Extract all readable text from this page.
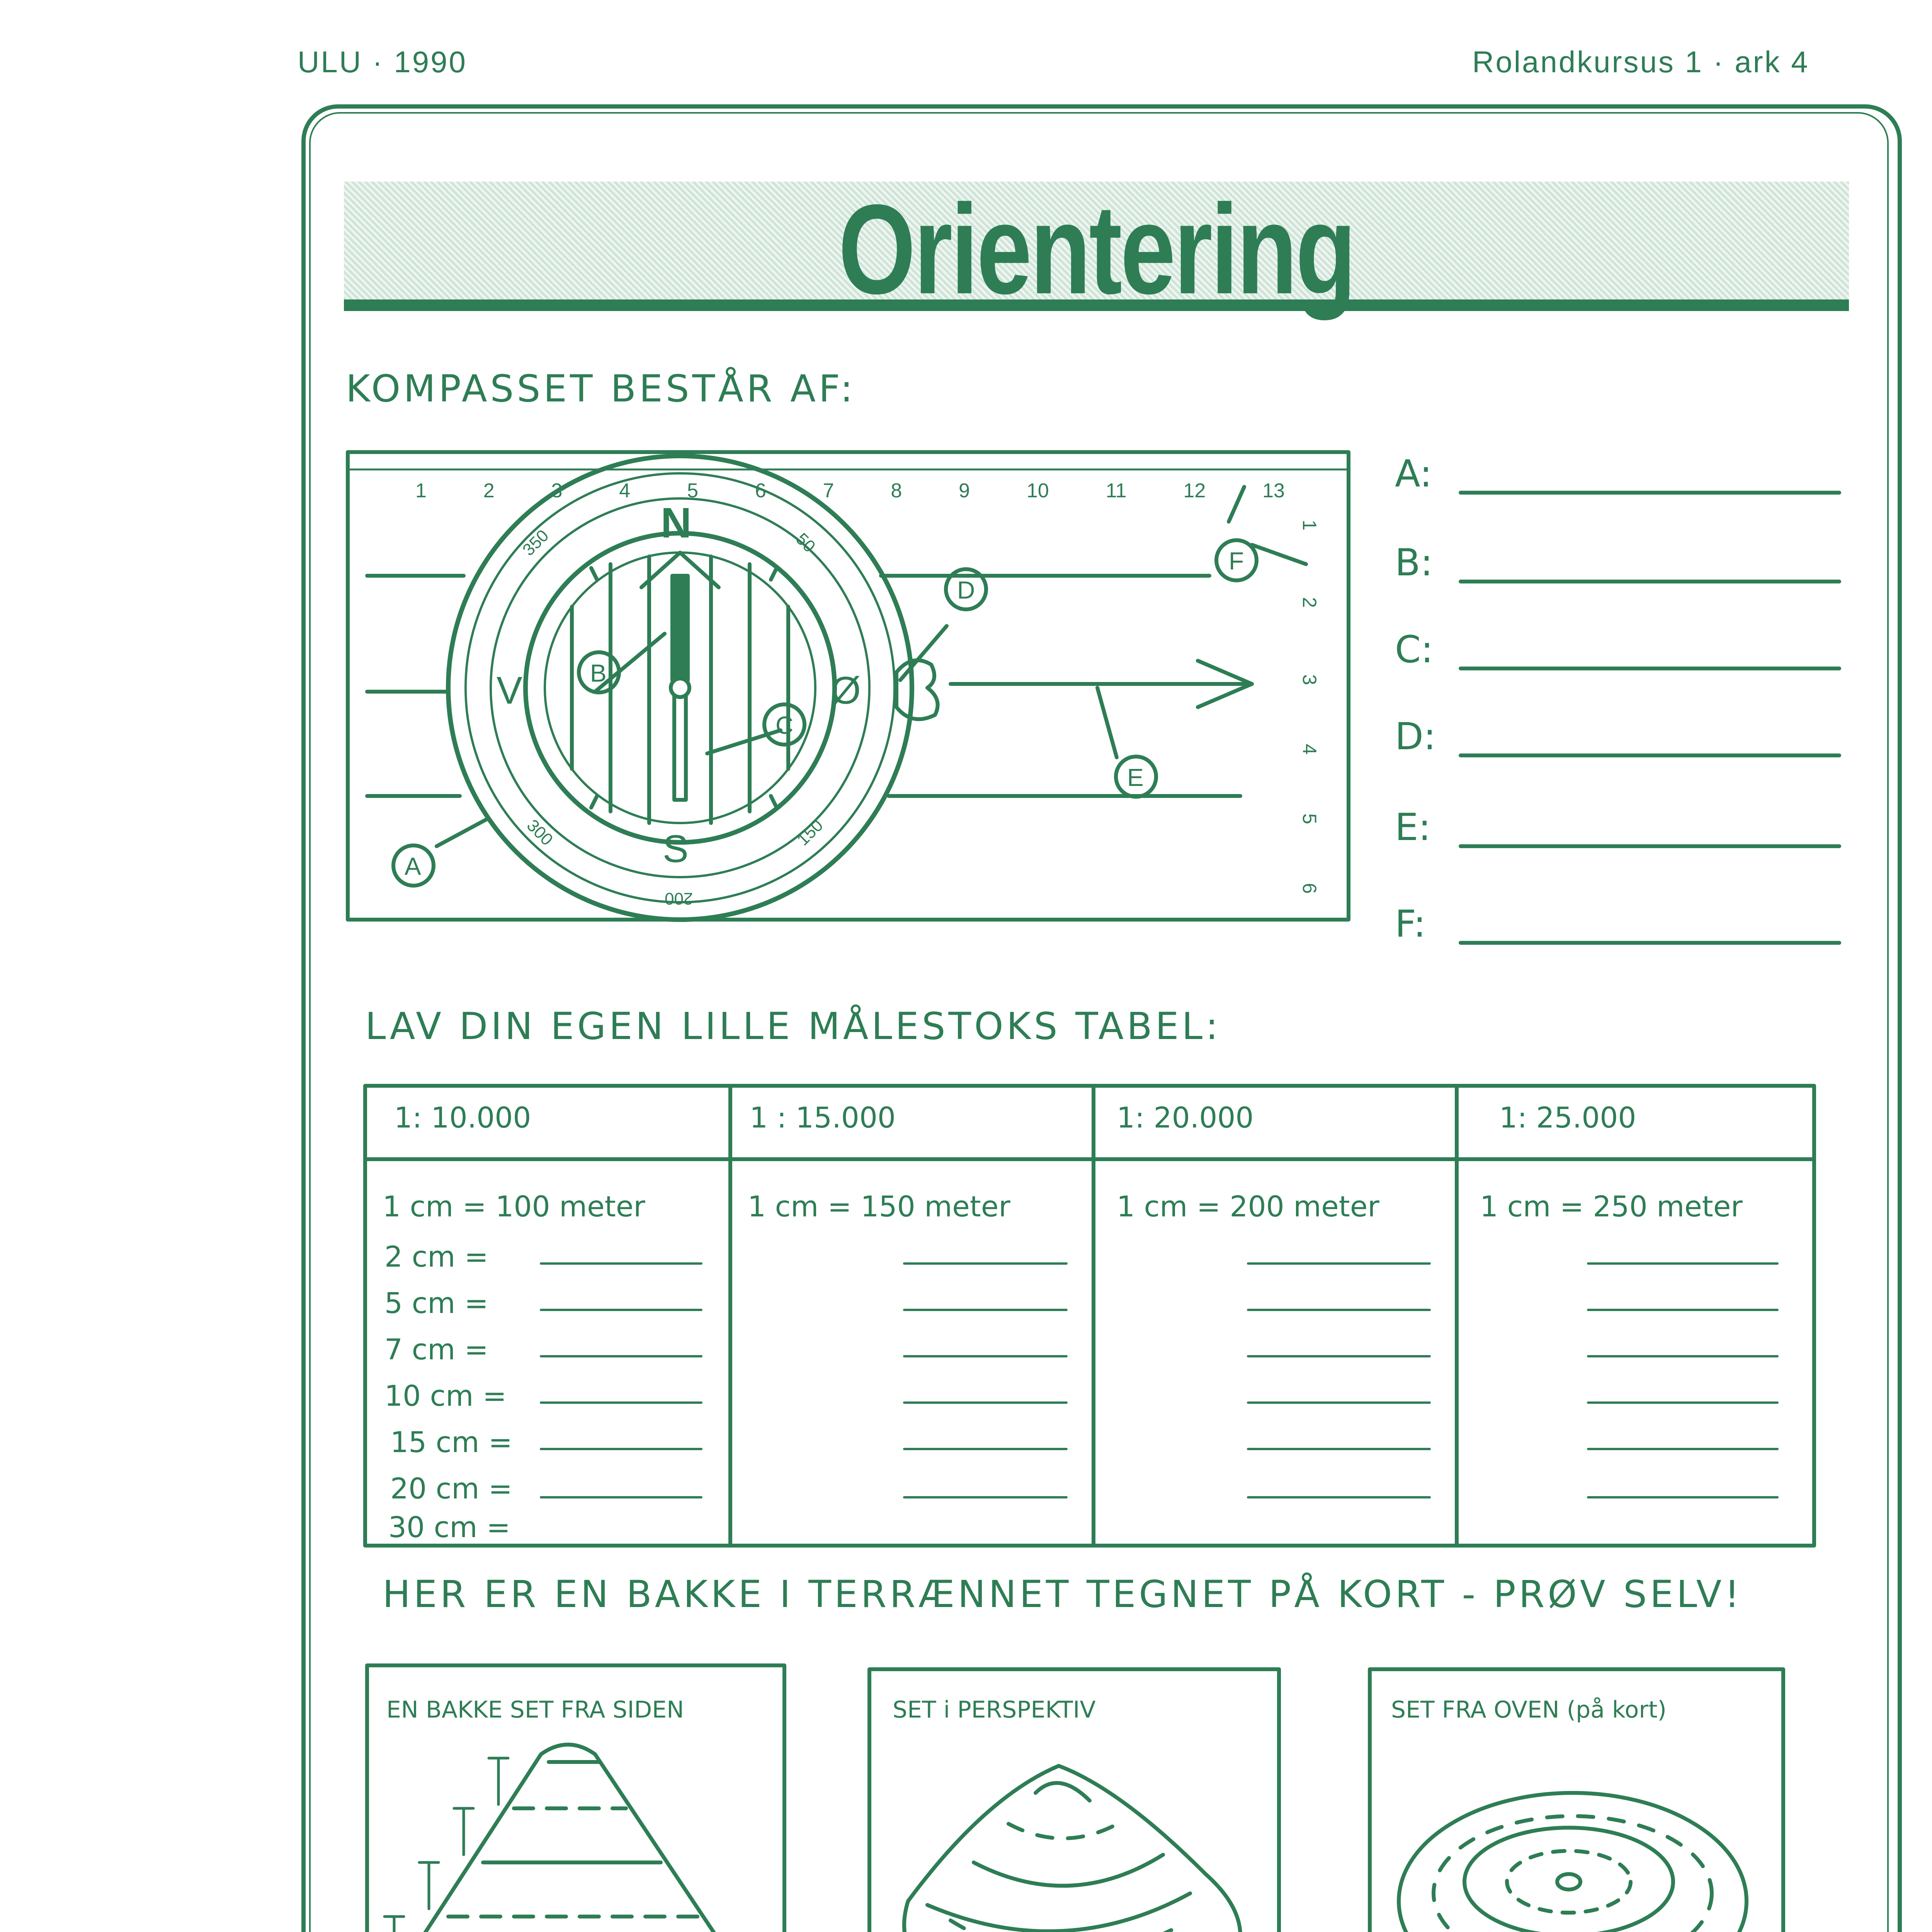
ULU · 1990	Rolandkursus 1 · ark 4
Orientering
KOMPASSET BESTÅR AF:
1	2	3	4	5	6	7	8	9	10	11	12	13
1
2
3
4
5
6
N
S
V	Ø
50
350
300
200
150
A
B
C
D
E
F
A:
B:
C:
D:
E:
F:
LAV DIN EGEN LILLE MÅLESTOKS TABEL:
1: 10.000	1 : 15.000	1: 20.000	1: 25.000
1 cm = 100 meter	1 cm = 150 meter	1 cm = 200 meter	1 cm = 250 meter
2 cm =
5 cm =
7 cm =
10 cm =
15 cm =
20 cm =
30 cm =
HER ER EN BAKKE I TERRÆNNET TEGNET PÅ KORT - PRØV SELV!
EN BAKKE SET FRA SIDEN	SET i PERSPEKTIV	SET FRA OVEN (på kort)
